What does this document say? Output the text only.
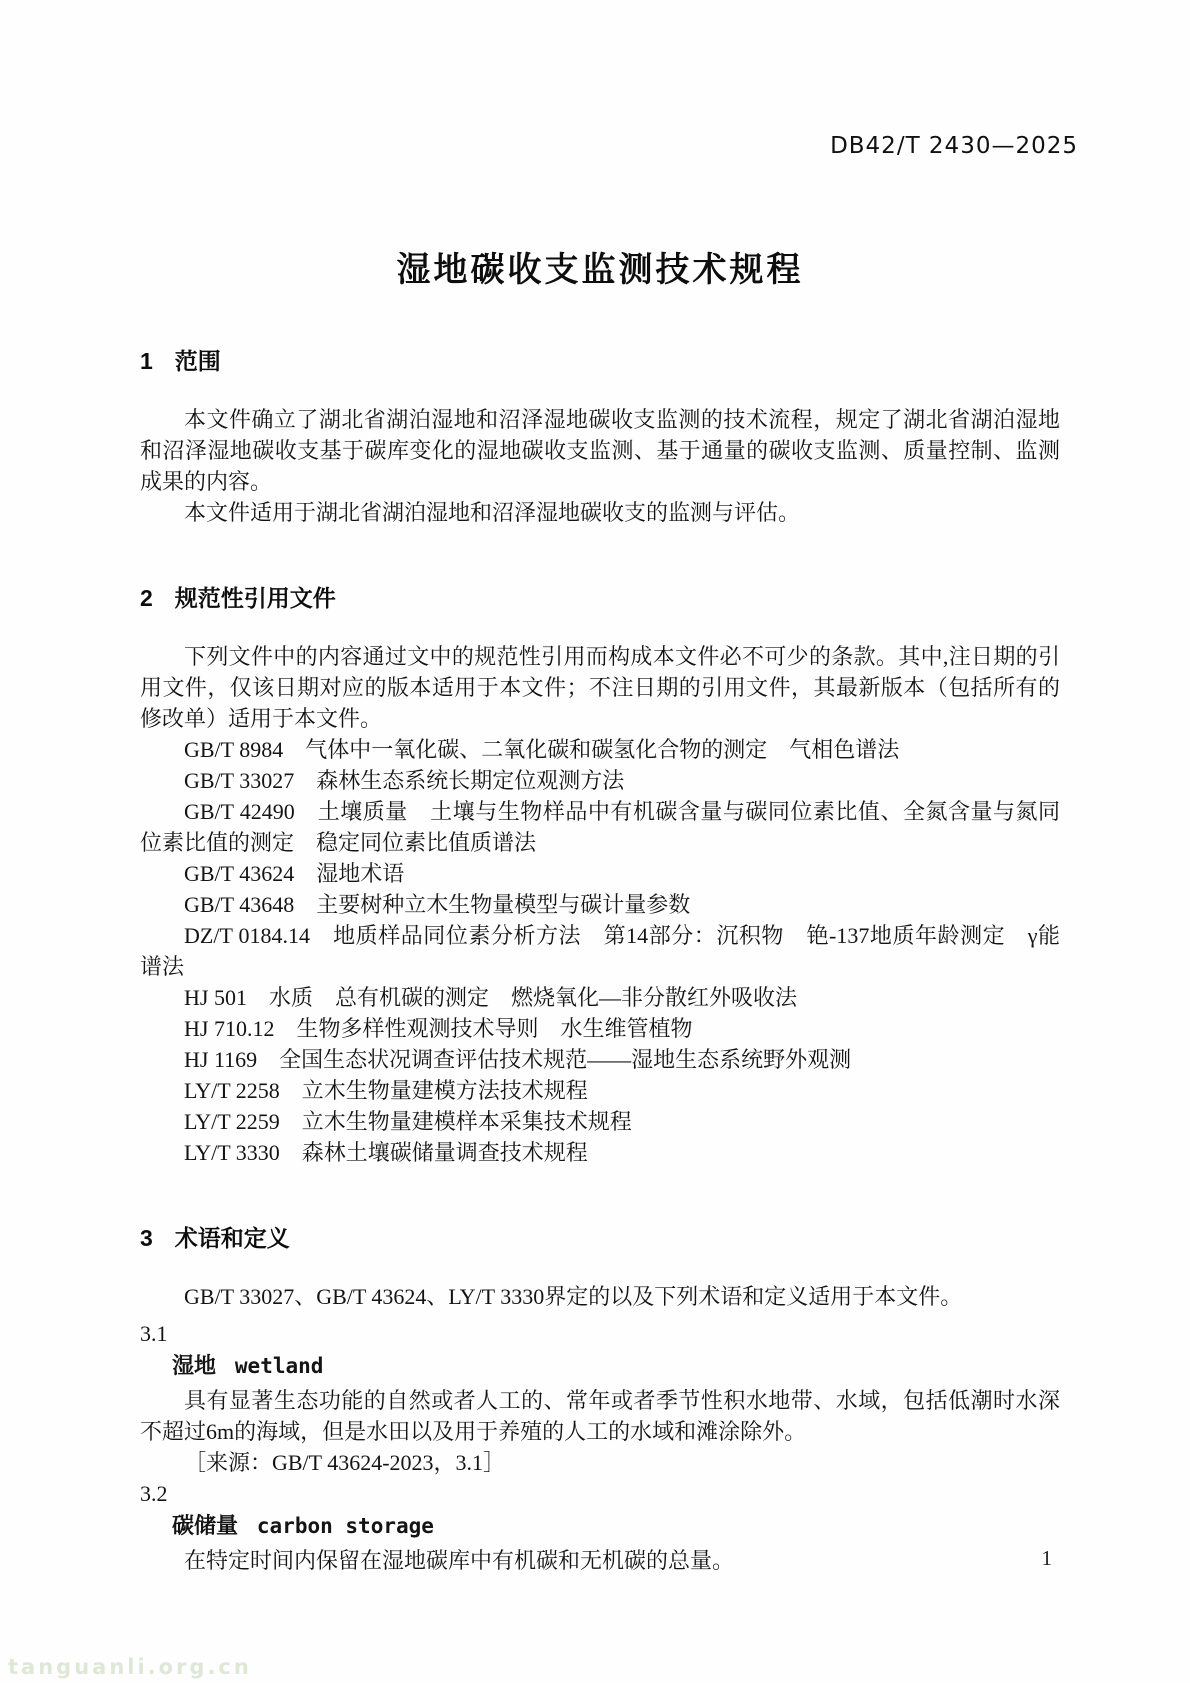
DB42/T 2430—2025
湿地碳收支监测技术规程
1 范围

本文件确立了湖北省湖泊湿地和沼泽湿地碳收支监测的技术流程，规定了湖北省湖泊湿地和沼泽湿地碳收支基于碳库变化的湿地碳收支监测、基于通量的碳收支监测、质量控制、监测成果的内容。

本文件适用于湖北省湖泊湿地和沼泽湿地碳收支的监测与评估。

2 规范性引用文件

下列文件中的内容通过文中的规范性引用而构成本文件必不可少的条款。其中,注日期的引用文件，仅该日期对应的版本适用于本文件；不注日期的引用文件，其最新版本（包括所有的修改单）适用于本文件。

GB/T 8984　气体中一氧化碳、二氧化碳和碳氢化合物的测定　气相色谱法

GB/T 33027　森林生态系统长期定位观测方法

GB/T 42490　土壤质量　土壤与生物样品中有机碳含量与碳同位素比值、全氮含量与氮同位素比值的测定　稳定同位素比值质谱法

GB/T 43624　湿地术语

GB/T 43648　主要树种立木生物量模型与碳计量参数

DZ/T 0184.14　地质样品同位素分析方法　第14部分：沉积物　铯-137地质年龄测定　γ能谱法

HJ 501　水质　总有机碳的测定　燃烧氧化—非分散红外吸收法

HJ 710.12　生物多样性观测技术导则　水生维管植物

HJ 1169　全国生态状况调查评估技术规范——湿地生态系统野外观测

LY/T 2258　立木生物量建模方法技术规程

LY/T 2259　立木生物量建模样本采集技术规程

LY/T 3330　森林土壤碳储量调查技术规程

3 术语和定义

GB/T 33027、GB/T 43624、LY/T 3330界定的以及下列术语和定义适用于本文件。

3.1
湿地 wetland

具有显著生态功能的自然或者人工的、常年或者季节性积水地带、水域，包括低潮时水深不超过6m的海域，但是水田以及用于养殖的人工的水域和滩涂除外。

［来源：GB/T 43624-2023，3.1］

3.2
碳储量 carbon storage

在特定时间内保留在湿地碳库中有机碳和无机碳的总量。	1
tanguanli.org.cn
